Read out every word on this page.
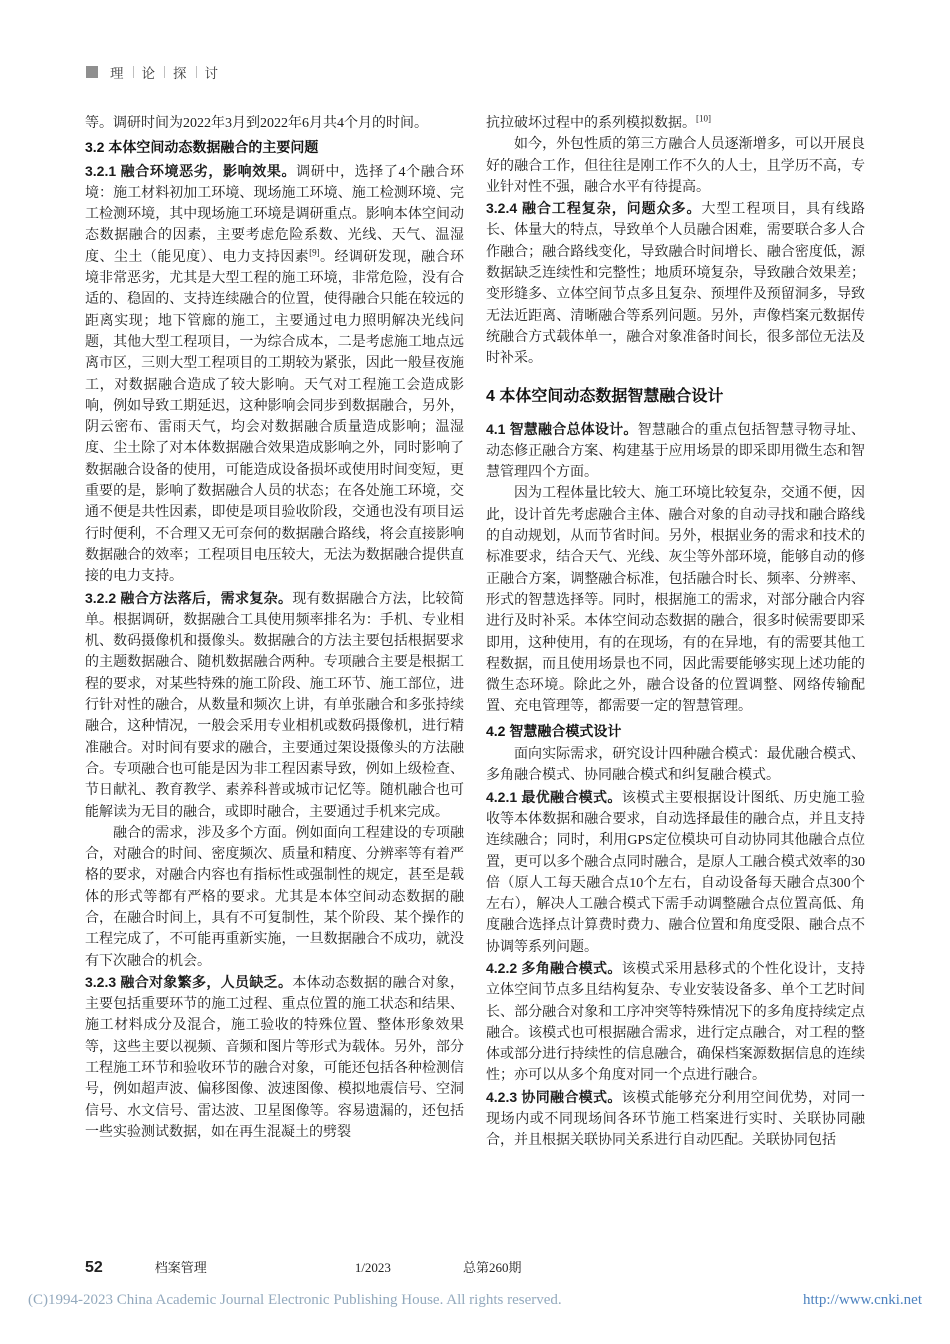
理 论 探 讨

等。调研时间为2022年3月到2022年6月共4个月的时间。

3.2 本体空间动态数据融合的主要问题

3.2.1 融合环境恶劣，影响效果。调研中，选择了4个融合环境：施工材料初加工环境、现场施工环境、施工检测环境、完工检测环境，其中现场施工环境是调研重点。影响本体空间动态数据融合的因素，主要考虑危险系数、光线、天气、温湿度、尘土（能见度）、电力支持因素[9]。经调研发现，融合环境非常恶劣，尤其是大型工程的施工环境，非常危险，没有合适的、稳固的、支持连续融合的位置，使得融合只能在较远的距离实现；地下管廊的施工，主要通过电力照明解决光线问题，其他大型工程项目，一为综合成本，二是考虑施工地点远离市区，三则大型工程项目的工期较为紧张，因此一般昼夜施工，对数据融合造成了较大影响。天气对工程施工会造成影响，例如导致工期延迟，这种影响会同步到数据融合，另外，阴云密布、雷雨天气，均会对数据融合质量造成影响；温湿度、尘土除了对本体数据融合效果造成影响之外，同时影响了数据融合设备的使用，可能造成设备损坏或使用时间变短，更重要的是，影响了数据融合人员的状态；在各处施工环境，交通不便是共性因素，即使是项目验收阶段，交通也没有项目运行时便利，不合理又无可奈何的数据融合路线，将会直接影响数据融合的效率；工程项目电压较大，无法为数据融合提供直接的电力支持。

3.2.2 融合方法落后，需求复杂。现有数据融合方法，比较简单。根据调研，数据融合工具使用频率排名为：手机、专业相机、数码摄像机和摄像头。数据融合的方法主要包括根据要求的主题数据融合、随机数据融合两种。专项融合主要是根据工程的要求，对某些特殊的施工阶段、施工环节、施工部位，进行针对性的融合，从数量和频次上讲，有单张融合和多张持续融合，这种情况，一般会采用专业相机或数码摄像机，进行精准融合。对时间有要求的融合，主要通过架设摄像头的方法融合。专项融合也可能是因为非工程因素导致，例如上级检查、节日献礼、教育教学、素养科普或城市记忆等。随机融合也可能解读为无目的融合，或即时融合，主要通过手机来完成。

融合的需求，涉及多个方面。例如面向工程建设的专项融合，对融合的时间、密度频次、质量和精度、分辨率等有着严格的要求，对融合内容也有指标性或强制性的规定，甚至是载体的形式等都有严格的要求。尤其是本体空间动态数据的融合，在融合时间上，具有不可复制性，某个阶段、某个操作的工程完成了，不可能再重新实施，一旦数据融合不成功，就没有下次融合的机会。

3.2.3 融合对象繁多，人员缺乏。本体动态数据的融合对象，主要包括重要环节的施工过程、重点位置的施工状态和结果、施工材料成分及混合，施工验收的特殊位置、整体形象效果等，这些主要以视频、音频和图片等形式为载体。另外，部分工程施工环节和验收环节的融合对象，可能还包括各种检测信号，例如超声波、偏移图像、波速图像、模拟地震信号、空洞信号、水文信号、雷达波、卫星图像等。容易遗漏的，还包括一些实验测试数据，如在再生混凝土的劈裂

抗拉破坏过程中的系列模拟数据。[10]

如今，外包性质的第三方融合人员逐渐增多，可以开展良好的融合工作，但往往是刚工作不久的人士，且学历不高，专业针对性不强，融合水平有待提高。

3.2.4 融合工程复杂，问题众多。大型工程项目，具有线路长、体量大的特点，导致单个人员融合困难，需要联合多人合作融合；融合路线变化，导致融合时间增长、融合密度低，源数据缺乏连续性和完整性；地质环境复杂，导致融合效果差；变形缝多、立体空间节点多且复杂、预埋件及预留洞多，导致无法近距离、清晰融合等系列问题。另外，声像档案元数据传统融合方式载体单一，融合对象准备时间长，很多部位无法及时补采。

4 本体空间动态数据智慧融合设计

4.1 智慧融合总体设计。智慧融合的重点包括智慧寻物寻址、动态修正融合方案、构建基于应用场景的即采即用微生态和智慧管理四个方面。

因为工程体量比较大、施工环境比较复杂，交通不便，因此，设计首先考虑融合主体、融合对象的自动寻找和融合路线的自动规划，从而节省时间。另外，根据业务的需求和技术的标准要求，结合天气、光线、灰尘等外部环境，能够自动的修正融合方案，调整融合标准，包括融合时长、频率、分辨率、形式的智慧选择等。同时，根据施工的需求，对部分融合内容进行及时补采。本体空间动态数据的融合，很多时候需要即采即用，这种使用，有的在现场，有的在异地，有的需要其他工程数据，而且使用场景也不同，因此需要能够实现上述功能的微生态环境。除此之外，融合设备的位置调整、网络传输配置、充电管理等，都需要一定的智慧管理。

4.2 智慧融合模式设计

面向实际需求，研究设计四种融合模式：最优融合模式、多角融合模式、协同融合模式和纠复融合模式。

4.2.1 最优融合模式。该模式主要根据设计图纸、历史施工验收等本体数据和融合要求，自动选择最佳的融合点，并且支持连续融合；同时，利用GPS定位模块可自动协同其他融合点位置，更可以多个融合点同时融合，是原人工融合模式效率的30倍（原人工每天融合点10个左右，自动设备每天融合点300个左右），解决人工融合模式下需手动调整融合点位置高低、角度融合选择点计算费时费力、融合位置和角度受限、融合点不协调等系列问题。

4.2.2 多角融合模式。该模式采用悬移式的个性化设计，支持立体空间节点多且结构复杂、专业安装设备多、单个工艺时间长、部分融合对象和工序冲突等特殊情况下的多角度持续定点融合。该模式也可根据融合需求，进行定点融合，对工程的整体或部分进行持续性的信息融合，确保档案源数据信息的连续性；亦可以从多个角度对同一个点进行融合。

4.2.3 协同融合模式。该模式能够充分利用空间优势，对同一现场内或不同现场间各环节施工档案进行实时、关联协同融合，并且根据关联协同关系进行自动匹配。关联协同包括

52	档案管理	1/2023	总第260期
(C)1994-2023 China Academic Journal Electronic Publishing House. All rights reserved.	http://www.cnki.net
